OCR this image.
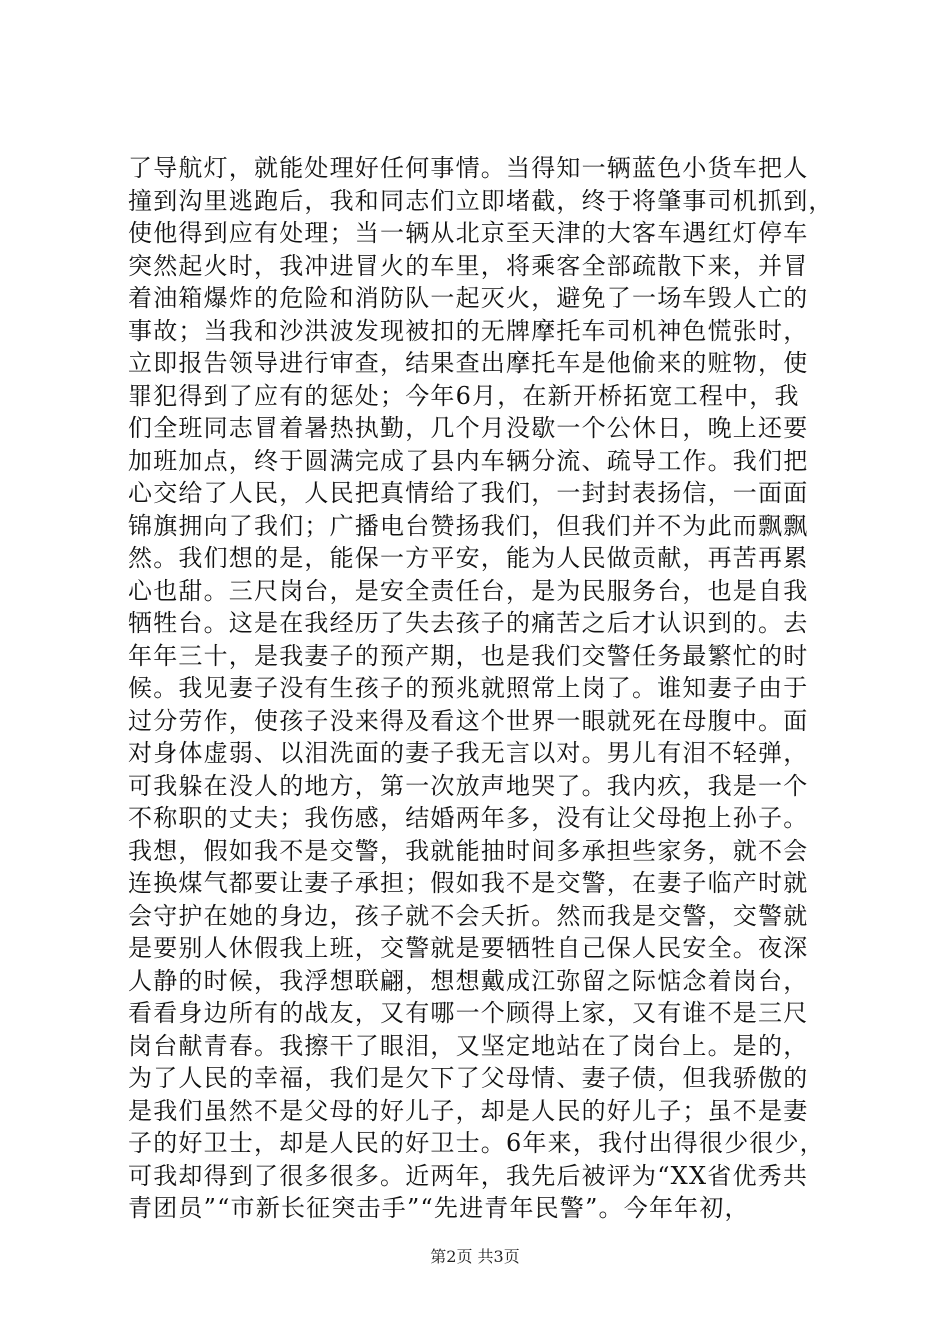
了导航灯，就能处理好任何事情。当得知一辆蓝色小货车把人
撞到沟里逃跑后，我和同志们立即堵截，终于将肇事司机抓到，
使他得到应有处理；当一辆从北京至天津的大客车遇红灯停车
突然起火时，我冲进冒火的车里，将乘客全部疏散下来，并冒
着油箱爆炸的危险和消防队一起灭火，避免了一场车毁人亡的
事故；当我和沙洪波发现被扣的无牌摩托车司机神色慌张时，
立即报告领导进行审查，结果查出摩托车是他偷来的赃物，使
罪犯得到了应有的惩处；今年6月，在新开桥拓宽工程中，我
们全班同志冒着暑热执勤，几个月没歇一个公休日，晚上还要
加班加点，终于圆满完成了县内车辆分流、疏导工作。我们把
心交给了人民，人民把真情给了我们，一封封表扬信，一面面
锦旗拥向了我们；广播电台赞扬我们，但我们并不为此而飘飘
然。我们想的是，能保一方平安，能为人民做贡献，再苦再累
心也甜。三尺岗台，是安全责任台，是为民服务台，也是自我
牺牲台。这是在我经历了失去孩子的痛苦之后才认识到的。去
年年三十，是我妻子的预产期，也是我们交警任务最繁忙的时
候。我见妻子没有生孩子的预兆就照常上岗了。谁知妻子由于
过分劳作，使孩子没来得及看这个世界一眼就死在母腹中。面
对身体虚弱、以泪洗面的妻子我无言以对。男儿有泪不轻弹，
可我躲在没人的地方，第一次放声地哭了。我内疚，我是一个
不称职的丈夫；我伤感，结婚两年多，没有让父母抱上孙子。
我想，假如我不是交警，我就能抽时间多承担些家务，就不会
连换煤气都要让妻子承担；假如我不是交警，在妻子临产时就
会守护在她的身边，孩子就不会夭折。然而我是交警，交警就
是要别人休假我上班，交警就是要牺牲自己保人民安全。夜深
人静的时候，我浮想联翩，想想戴成江弥留之际惦念着岗台，
看看身边所有的战友，又有哪一个顾得上家，又有谁不是三尺
岗台献青春。我擦干了眼泪，又坚定地站在了岗台上。是的，
为了人民的幸福，我们是欠下了父母情、妻子债，但我骄傲的
是我们虽然不是父母的好儿子，却是人民的好儿子；虽不是妻
子的好卫士，却是人民的好卫士。6年来，我付出得很少很少，
可我却得到了很多很多。近两年，我先后被评为“XX省优秀共
青团员”“市新长征突击手”“先进青年民警”。今年年初，
第2页 共3页
